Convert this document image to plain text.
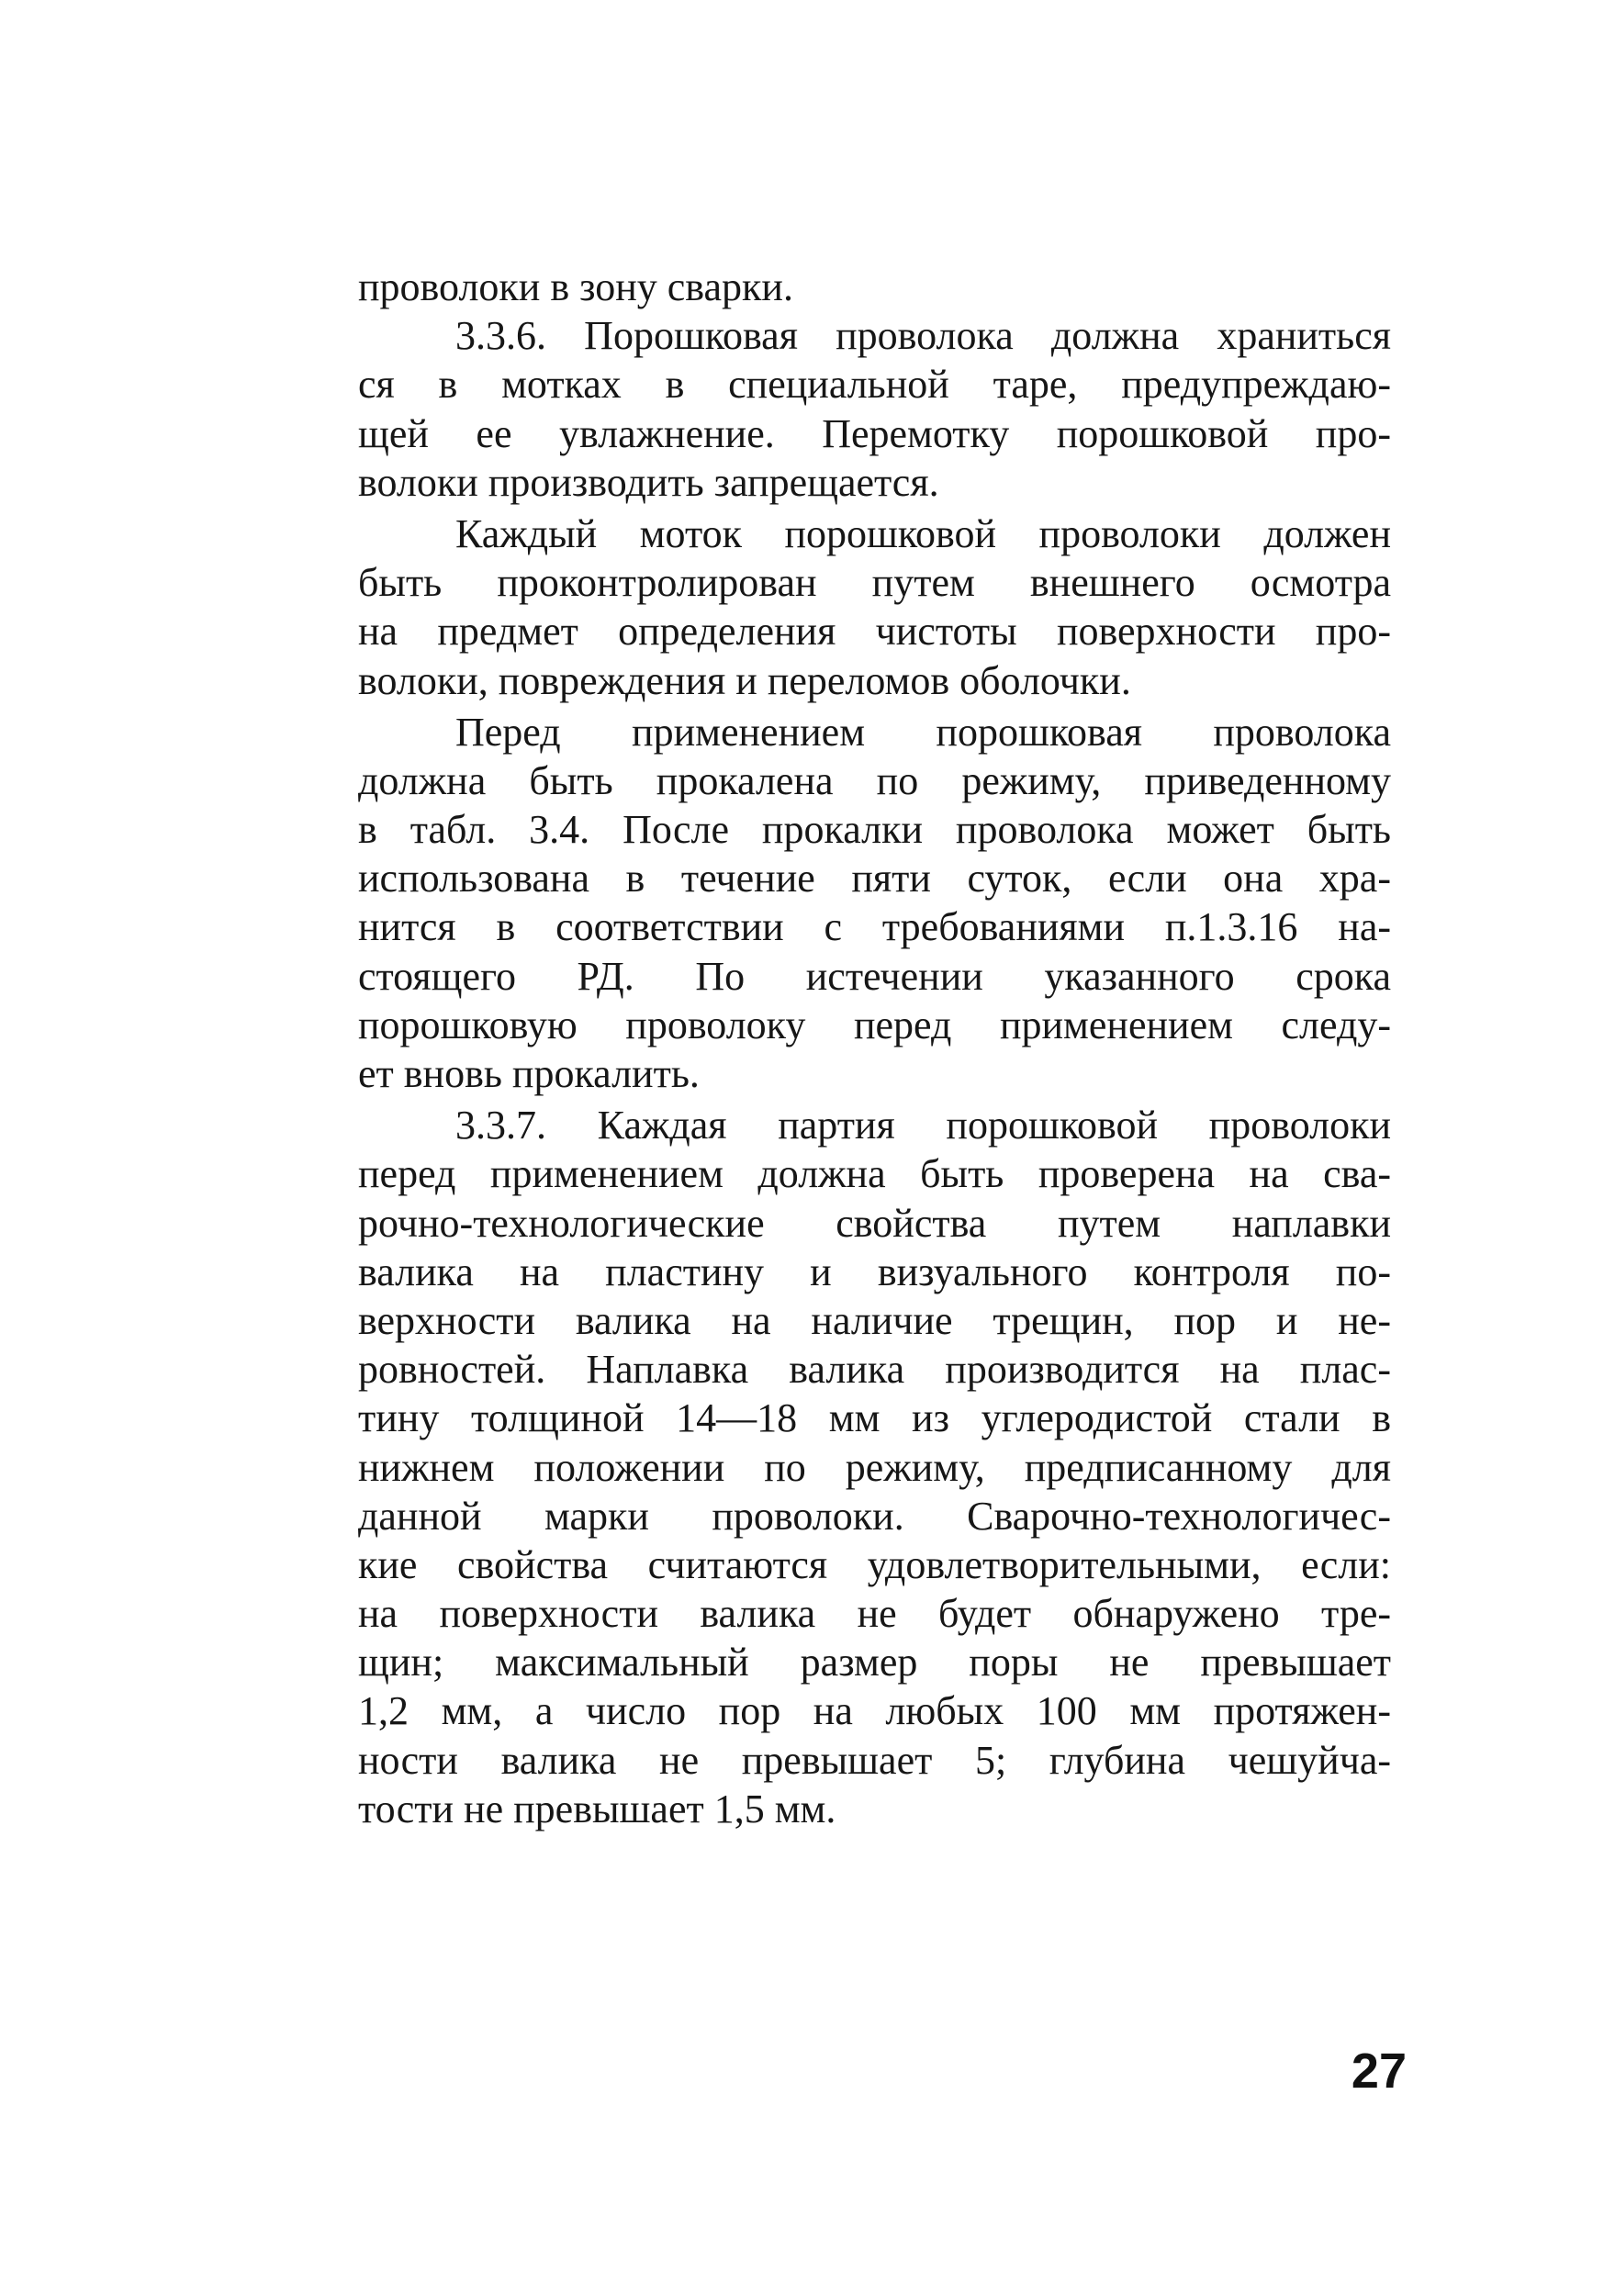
проволоки в зону сварки.
3.3.6. Порошковая проволока должна храниться
ся в мотках в специальной таре, предупреждаю-
щей ее увлажнение. Перемотку порошковой про-
волоки производить запрещается.
Каждый моток порошковой проволоки должен
быть проконтролирован путем внешнего осмотра
на предмет определения чистоты поверхности про-
волоки, повреждения и переломов оболочки.
Перед применением порошковая проволока
должна быть прокалена по режиму, приведенному
в табл. 3.4. После прокалки проволока может быть
использована в течение пяти суток, если она хра-
нится в соответствии с требованиями п.1.3.16 на-
стоящего РД. По истечении указанного срока
порошковую проволоку перед применением следу-
ет вновь прокалить.
3.3.7. Каждая партия порошковой проволоки
перед применением должна быть проверена на сва-
рочно-технологические свойства путем наплавки
валика на пластину и визуального контроля по-
верхности валика на наличие трещин, пор и не-
ровностей. Наплавка валика производится на плас-
тину толщиной 14—18 мм из углеродистой стали в
нижнем положении по режиму, предписанному для
данной марки проволоки. Сварочно-технологичес-
кие свойства считаются удовлетворительными, если:
на поверхности валика не будет обнаружено тре-
щин; максимальный размер поры не превышает
1,2 мм, а число пор на любых 100 мм протяжен-
ности валика не превышает 5; глубина чешуйча-
тости не превышает 1,5 мм.
27
